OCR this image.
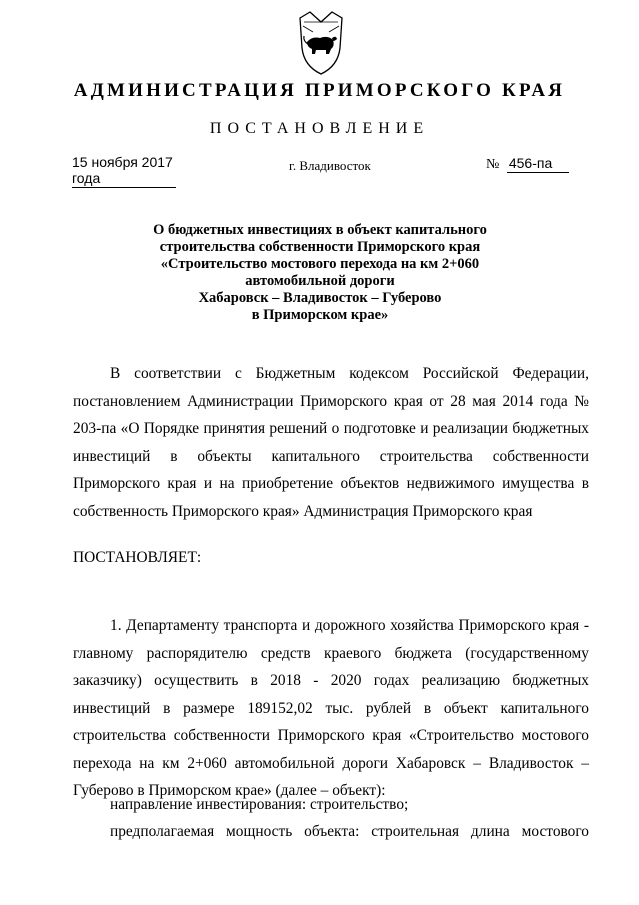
АДМИНИСТРАЦИЯ ПРИМОРСКОГО КРАЯ
ПОСТАНОВЛЕНИЕ
15 ноября 2017 года
г. Владивосток	№ 456-па
О бюджетных инвестициях в объект капитального
строительства собственности Приморского края
«Строительство мостового перехода на км 2+060
автомобильной дороги
Хабаровск – Владивосток – Губерово
в Приморском крае»
В соответствии с Бюджетным кодексом Российской Федерации, постановлением Администрации Приморского края от 28 мая 2014 года № 203-па «О Порядке принятия решений о подготовке и реализации бюджетных инвестиций в объекты капитального строительства собственности Приморского края и на приобретение объектов недвижимого имущества в собственность Приморского края» Администрация Приморского края
ПОСТАНОВЛЯЕТ:
1. Департаменту транспорта и дорожного хозяйства Приморского края - главному распорядителю средств краевого бюджета (государственному заказчику) осуществить в 2018 - 2020 годах реализацию бюджетных инвестиций в размере 189152,02 тыс. рублей в объект капитального строительства собственности Приморского края «Строительство мостового перехода на км 2+060 автомобильной дороги Хабаровск – Владивосток – Губерово в Приморском крае» (далее – объект):
направление инвестирования: строительство;
предполагаемая мощность объекта: строительная длина мостового
